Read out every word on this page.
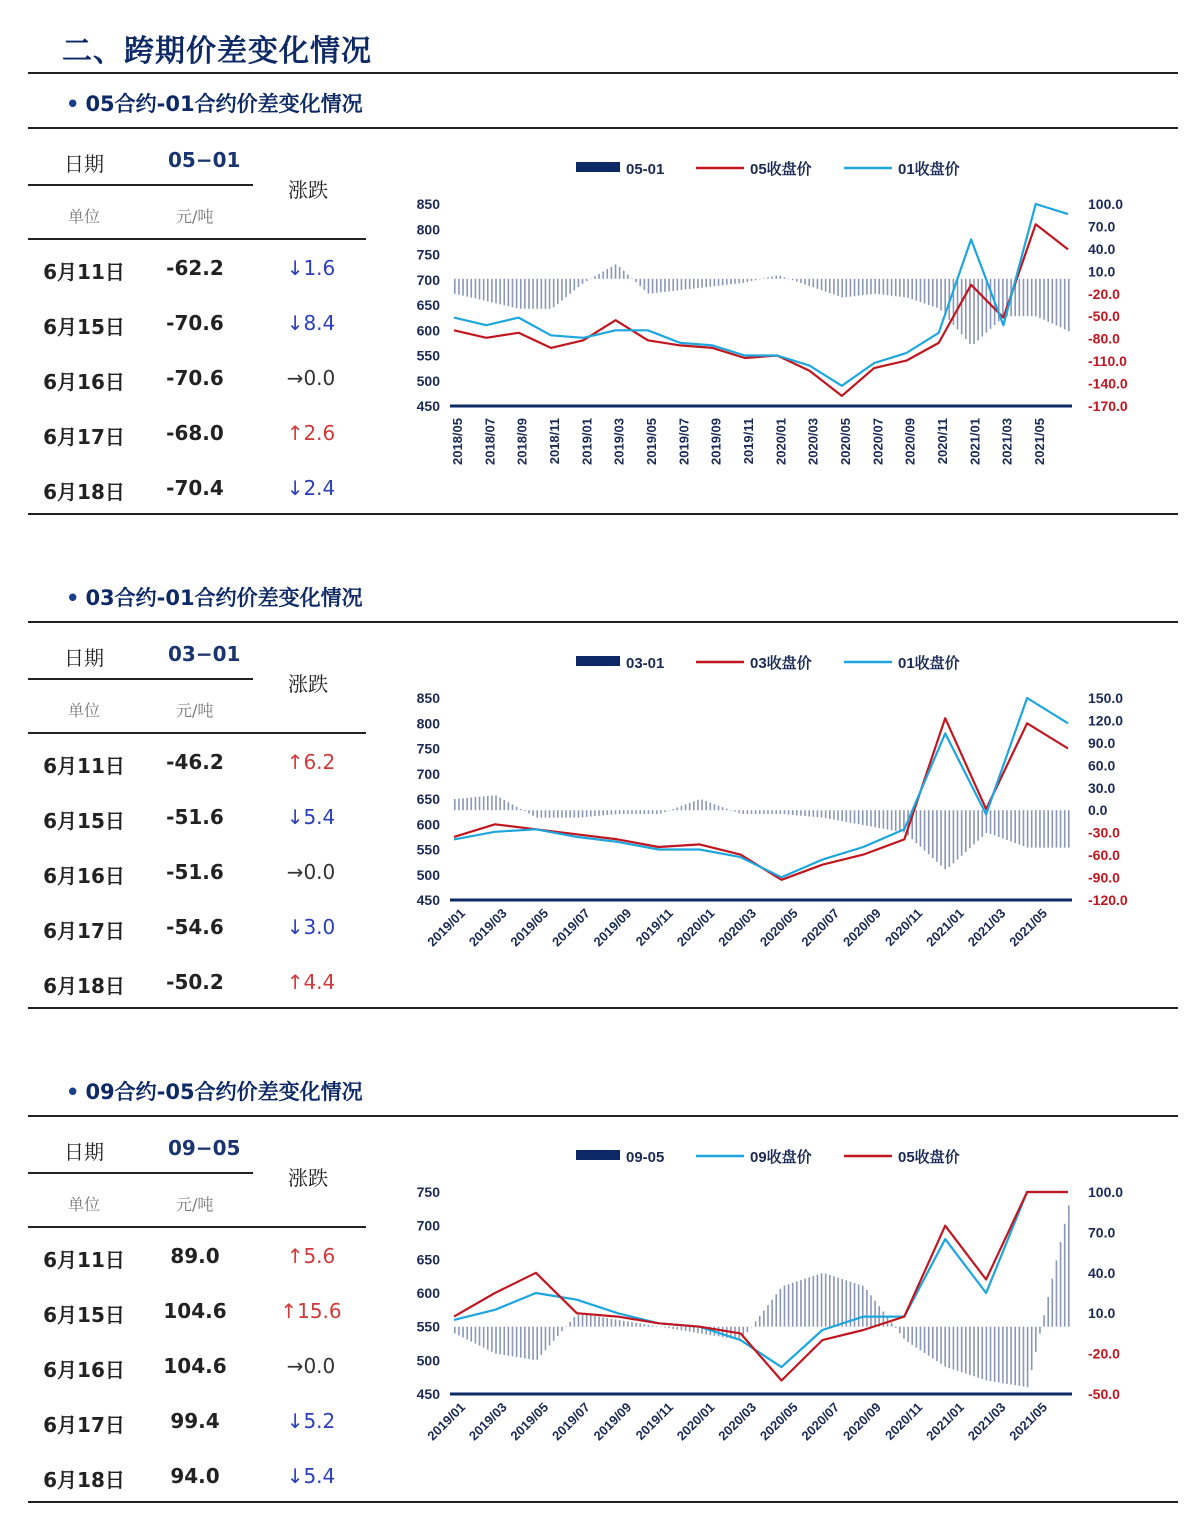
二、跨期价差变化情况
• 05合约-01合约价差变化情况
日期	05−01
涨跌
单位	元/吨
6月11日	-62.2	↓1.6
6月15日	-70.6	↓8.4
6月16日	-70.6	→0.0
6月17日	-68.0	↑2.6
6月18日	-70.4	↓2.4
05-01	05收盘价	01收盘价
850
800
750
700
650
600
550
500
450
100.0
70.0
40.0
10.0
-20.0
-50.0
-80.0
-110.0
-140.0
-170.0
2018/05 2018/07 2018/09 2018/11 2019/01 2019/03 2019/05 2019/07 2019/09 2019/11 2020/01 2020/03 2020/05 2020/07 2020/09 2020/11 2021/01 2021/03 2021/05
• 03合约-01合约价差变化情况
日期	03−01
涨跌
单位	元/吨
6月11日	-46.2	↑6.2
6月15日	-51.6	↓5.4
6月16日	-51.6	→0.0
6月17日	-54.6	↓3.0
6月18日	-50.2	↑4.4
03-01	03收盘价	01收盘价
850
800
750
700
650
600
550
500
450
150.0
120.0
90.0
60.0
30.0
0.0
-30.0
-60.0
-90.0
-120.0
2019/01
2019/03
2019/05
2019/07
2019/09
2019/11
2020/01
2020/03
2020/05
2020/07
2020/09
2020/11
2021/01
2021/03
2021/05
• 09合约-05合约价差变化情况
日期	09−05
涨跌
单位	元/吨
6月11日	89.0	↑5.6
6月15日	104.6	↑15.6
6月16日	104.6	→0.0
6月17日	99.4	↓5.2
6月18日	94.0	↓5.4
09-05	09收盘价	05收盘价
750
700
650
600
550
500
450
100.0
70.0
40.0
10.0
-20.0
-50.0
2019/01
2019/03
2019/05
2019/07
2019/09
2019/11
2020/01
2020/03
2020/05
2020/07
2020/09
2020/11
2021/01
2021/03
2021/05
